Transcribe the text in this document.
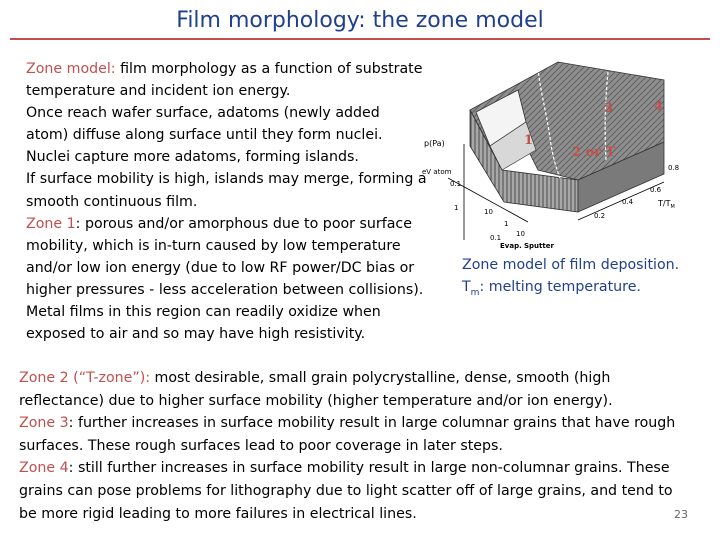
Film morphology: the zone model
Zone model: film morphology as a function of substrate
temperature and incident ion energy.
Once reach wafer surface, adatoms (newly added
atom) diffuse along surface until they form nuclei.
Nuclei capture more adatoms, forming islands.
If surface mobility is high, islands may merge, forming a
smooth continuous film.
Zone 1: porous and/or amorphous due to poor surface
mobility, which is in-turn caused by low temperature
and/or low ion energy (due to low RF power/DC bias or
higher pressures - less acceleration between collisions).
Metal films in this region can readily oxidize when
exposed to air and so may have high resistivity.
1
2 or T
3	4
p(Pa)
eV atom
0.1
1	10
0.1
1
10
Evap. Sputter
0.2
0.4
0.6
0.8
$T/T_M$
Zone model of film deposition.
$T_m$: melting temperature.
Zone 2 (“T-zone”): most desirable, small grain polycrystalline, dense, smooth (high
reflectance) due to higher surface mobility (higher temperature and/or ion energy).
Zone 3: further increases in surface mobility result in large columnar grains that have rough
surfaces. These rough surfaces lead to poor coverage in later steps.
Zone 4: still further increases in surface mobility result in large non-columnar grains. These
grains can pose problems for lithography due to light scatter off of large grains, and tend to
be more rigid leading to more failures in electrical lines.	23
